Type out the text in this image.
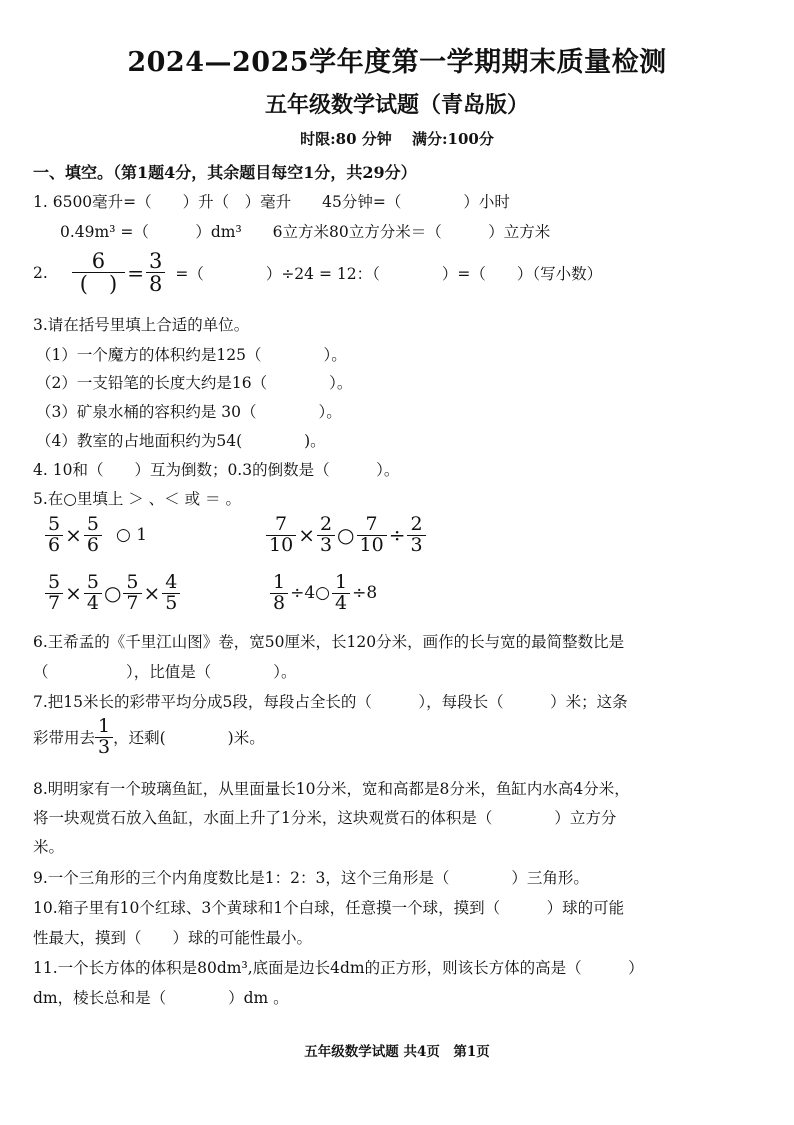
2024—2025学年度第一学期期末质量检测
五年级数学试题（青岛版）
时限:80 分钟　 满分:100分
一、填空。（第1题4分，其余题目每空1分，共29分）
1. 6500毫升=（　　）升（　）毫升　　45分钟=（　　　　）小时
0.49m³ =（　　　）dm³　　6立方米80立方分米＝（　　　）立方米
2. $\frac{6}{( )} = \frac{3}{8}$ =（　　　　）÷24 = 12：（　　　　）=（　　）（写小数）
3.请在括号里填上合适的单位。
（1）一个魔方的体积约是125（　　　　）。
（2）一支铅笔的长度大约是16（　　　　）。
（3）矿泉水桶的容积约是 30（　　　　）。
（4）教室的占地面积约为54(　　　　)。
4. 10和（　　）互为倒数；0.3的倒数是（　　　）。
5.在○里填上 ＞ 、＜ 或 ＝ 。
$\frac{5}{6} \times \frac{5}{6}$ ○ 1	$\frac{7}{10} \times \frac{2}{3}$ ○ $\frac{7}{10} \div \frac{2}{3}$
$\frac{5}{7} \times \frac{5}{4}$ ○ $\frac{5}{7} \times \frac{4}{5}$	$\frac{1}{8}$ ÷4○ $\frac{1}{4} \div 8$
6.王希孟的《千里江山图》卷，宽50厘米，长120分米，画作的长与宽的最简整数比是
（　　　　　），比值是（　　　　）。
7.把15米长的彩带平均分成5段，每段占全长的（　　　），每段长（　　　）米；这条
彩带用去 $\frac{1}{3}$ ，还剩(　　　　)米。
8.明明家有一个玻璃鱼缸，从里面量长10分米，宽和高都是8分米，鱼缸内水高4分米，
将一块观赏石放入鱼缸，水面上升了1分米，这块观赏石的体积是（　　　　）立方分
米。
9.一个三角形的三个内角度数比是1：2：3，这个三角形是（　　　　）三角形。
10.箱子里有10个红球、3个黄球和1个白球，任意摸一个球，摸到（　　　）球的可能
性最大，摸到（　　）球的可能性最小。
11.一个长方体的体积是80dm³,底面是边长4dm的正方形，则该长方体的高是（　　　）
dm，棱长总和是（　　　　）dm 。
五年级数学试题 共4页　第1页
